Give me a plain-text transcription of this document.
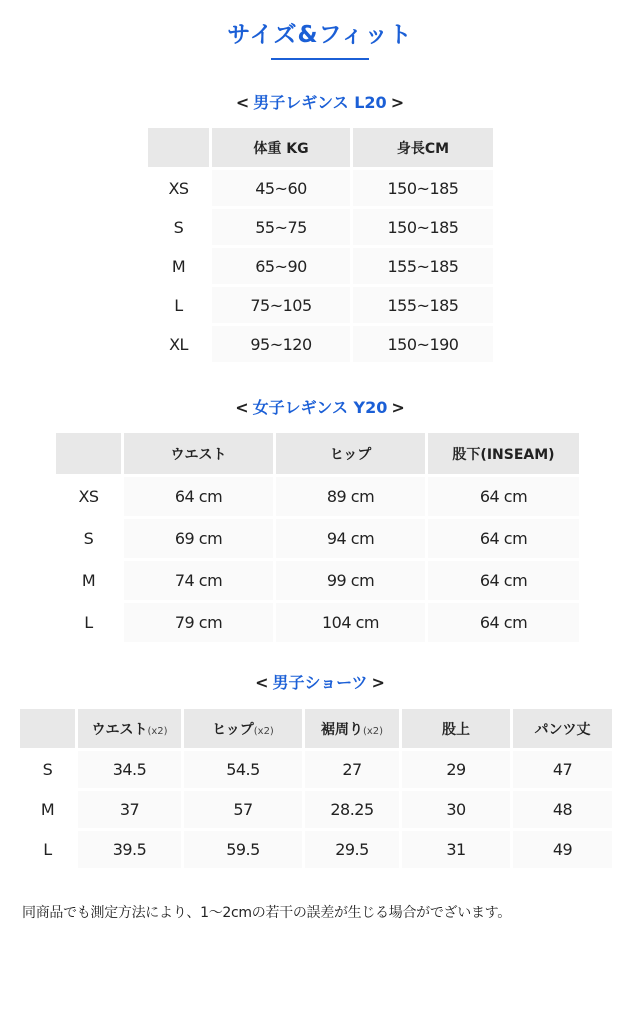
サイズ&フィット
< 男子レギンス L20 >
	体重 KG	身長CM
XS	45~60	150~185
S	55~75	150~185
M	65~90	155~185
L	75~105	155~185
XL	95~120	150~190
< 女子レギンス Y20 >
	ウエスト	ヒップ	股下(INSEAM)
XS	64 cm	89 cm	64 cm
S	69 cm	94 cm	64 cm
M	74 cm	99 cm	64 cm
L	79 cm	104 cm	64 cm
< 男子ショーツ >
	ウエスト(x2)	ヒップ(x2)	裾周り(x2)	股上	パンツ丈
S	34.5	54.5	27	29	47
M	37	57	28.25	30	48
L	39.5	59.5	29.5	31	49
同商品でも測定方法により、1〜2cmの若干の誤差が生じる場合がでざいます。
